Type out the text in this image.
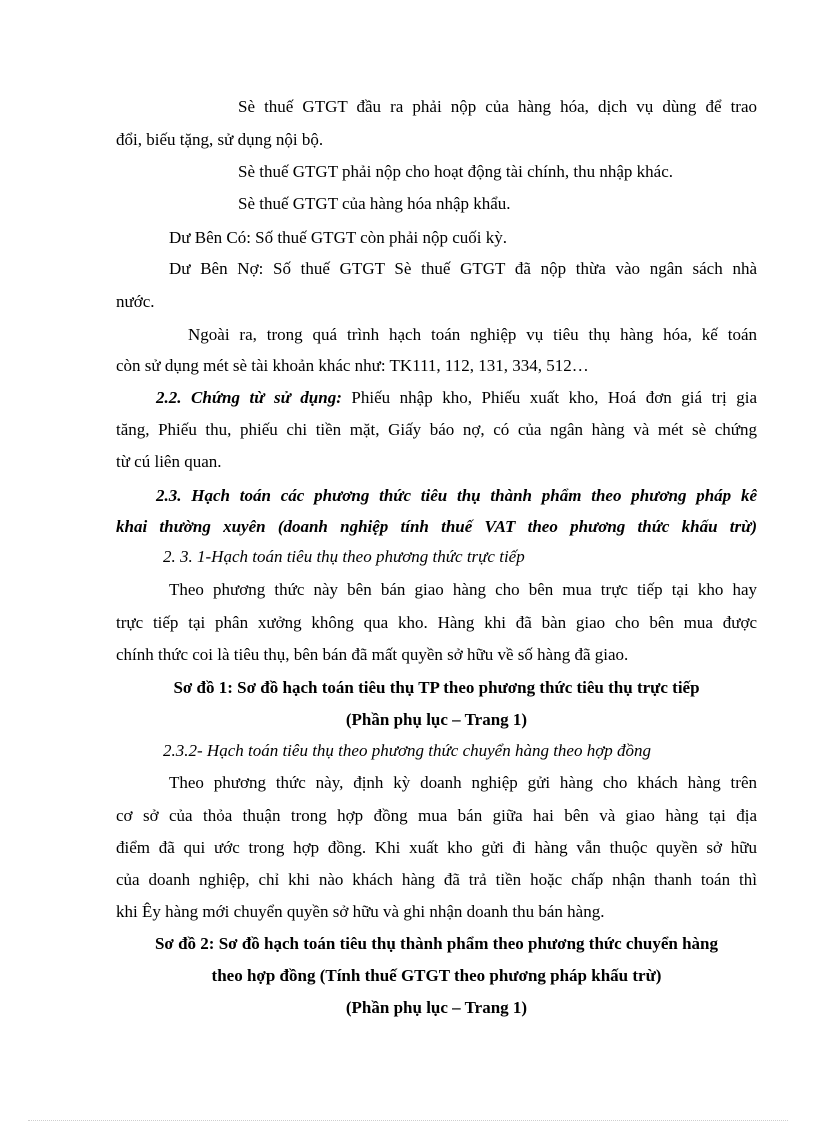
Sè thuế GTGT đầu ra phải nộp của hàng hóa, dịch vụ dùng để trao
đổi, biếu tặng, sử dụng nội bộ.
Sè thuế GTGT phải nộp cho hoạt động tài chính, thu nhập khác.
Sè thuế GTGT của hàng hóa nhập khẩu.
Dư Bên Có: Số thuế GTGT còn phải nộp cuối kỳ.
Dư Bên Nợ: Số thuế GTGT Sè thuế GTGT đã nộp thừa vào ngân sách nhà
nước.
Ngoài ra, trong quá trình hạch toán nghiệp vụ tiêu thụ hàng hóa, kế toán
còn sử dụng mét sè tài khoản khác như: TK111, 112, 131, 334, 512…
2.2. Chứng từ sử dụng: Phiếu nhập kho, Phiếu xuất kho, Hoá đơn giá trị gia
tăng, Phiếu thu, phiếu chi tiền mặt, Giấy báo nợ, có của ngân hàng và mét sè chứng
từ cú liên quan.
2.3. Hạch toán các phương thức tiêu thụ thành phẩm theo phương pháp kê
khai thường xuyên (doanh nghiệp tính thuế VAT theo phương thức khấu trừ)
2. 3. 1-Hạch toán tiêu thụ theo phương thức trực tiếp
Theo phương thức này bên bán giao hàng cho bên mua trực tiếp tại kho hay
trực tiếp tại phân xưởng không qua kho. Hàng khi đã bàn giao cho bên mua được
chính thức coi là tiêu thụ, bên bán đã mất quyền sở hữu về số hàng đã giao.
Sơ đồ 1: Sơ đồ hạch toán tiêu thụ TP theo phương thức tiêu thụ trực tiếp
(Phần phụ lục – Trang 1)
2.3.2- Hạch toán tiêu thụ theo phương thức chuyển hàng theo hợp đồng
Theo phương thức này, định kỳ doanh nghiệp gửi hàng cho khách hàng trên
cơ sở của thỏa thuận trong hợp đồng mua bán giữa hai bên và giao hàng tại địa
điểm đã qui ước trong hợp đồng. Khi xuất kho gửi đi hàng vẫn thuộc quyền sở hữu
của doanh nghiệp, chỉ khi nào khách hàng đã trả tiền hoặc chấp nhận thanh toán thì
khi Êy hàng mới chuyển quyền sở hữu và ghi nhận doanh thu bán hàng.
Sơ đồ 2: Sơ đồ hạch toán tiêu thụ thành phẩm theo phương thức chuyển hàng
theo hợp đồng (Tính thuế GTGT theo phương pháp khấu trừ)
(Phần phụ lục – Trang 1)
